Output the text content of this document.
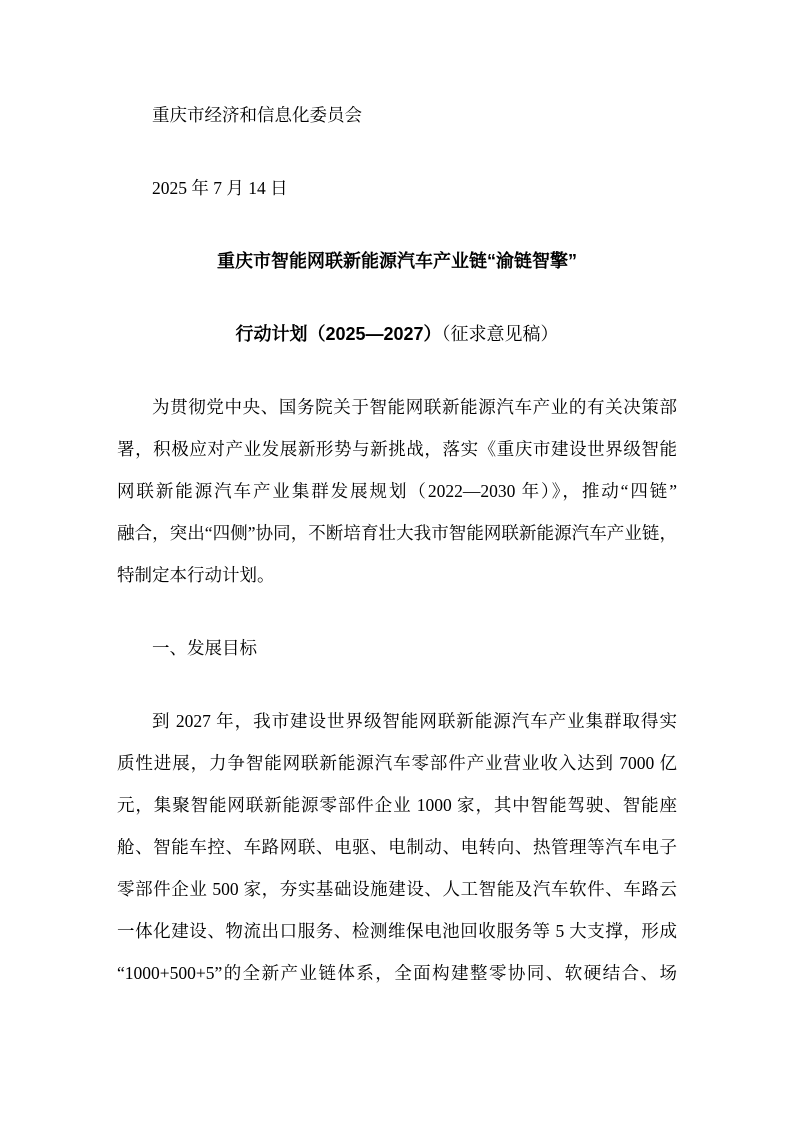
重庆市经济和信息化委员会

2025 年 7 月 14 日

重庆市智能网联新能源汽车产业链“渝链智擎”
行动计划（2025—2027）（征求意见稿）
为贯彻党中央、国务院关于智能网联新能源汽车产业的有关决策部
署，积极应对产业发展新形势与新挑战，落实《重庆市建设世界级智能
网联新能源汽车产业集群发展规划（2022—2030 年）》，推动“四链”
融合，突出“四侧”协同，不断培育壮大我市智能网联新能源汽车产业链，
特制定本行动计划。

一、发展目标

到 2027 年，我市建设世界级智能网联新能源汽车产业集群取得实
质性进展，力争智能网联新能源汽车零部件产业营业收入达到 7000 亿
元，集聚智能网联新能源零部件企业 1000 家，其中智能驾驶、智能座
舱、智能车控、车路网联、电驱、电制动、电转向、热管理等汽车电子
零部件企业 500 家，夯实基础设施建设、人工智能及汽车软件、车路云
一体化建设、物流出口服务、检测维保电池回收服务等 5 大支撑，形成
“1000+500+5”的全新产业链体系，全面构建整零协同、软硬结合、场
